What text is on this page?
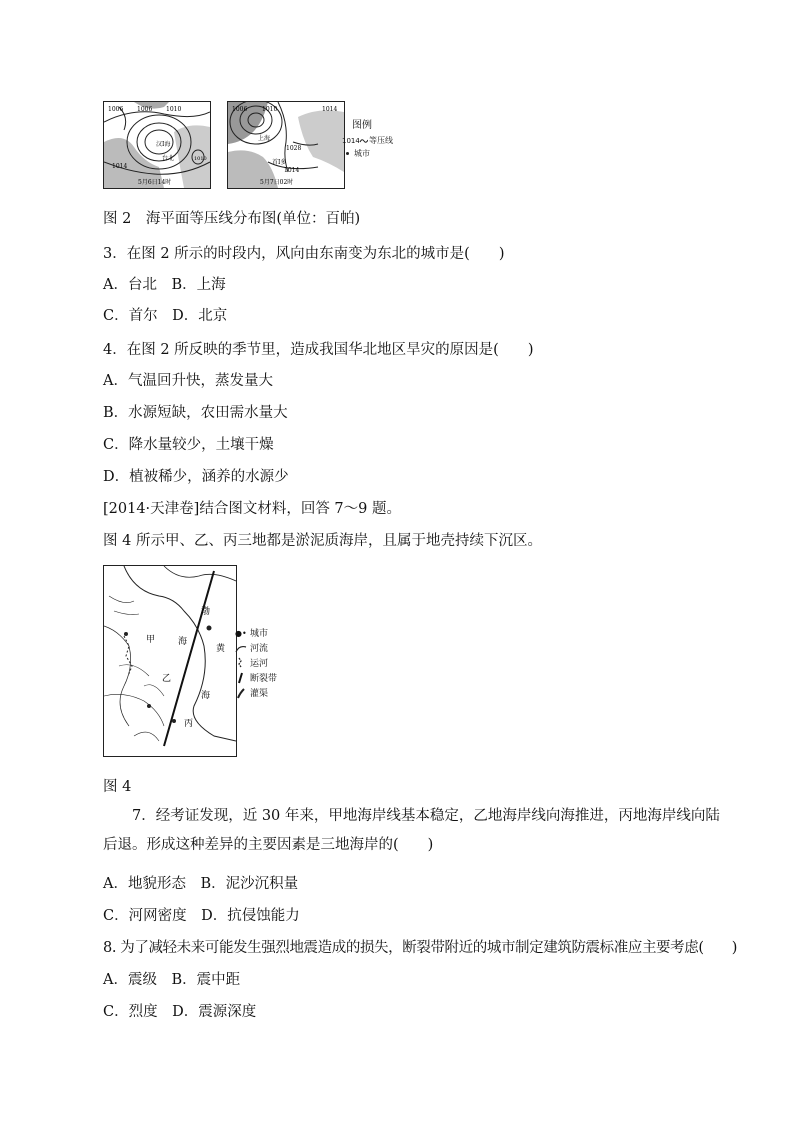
1006 1006 1010
1010
1014
汉I海
台北
5月6日14时
1006 1010	1014
1014
1028
上海
首I多
5月7日02时
图例
1014 等压线
城市
图 2　海平面等压线分布图(单位：百帕)
3．在图 2 所示的时段内，风向由东南变为东北的城市是(　　)
A．台北　B．上海
C．首尔　D．北京
4．在图 2 所反映的季节里，造成我国华北地区旱灾的原因是(　　)
A．气温回升快，蒸发量大
B．水源短缺，农田需水量大
C．降水量较少，土壤干燥
D．植被稀少，涵养的水源少
[2014·天津卷]结合图文材料，回答 7～9 题。
图 4 所示甲、乙、丙三地都是淤泥质海岸，且属于地壳持续下沉区。
渤
海
黄
海
甲
乙
丙
●• 城市
河流
运河
断裂带
灌渠
图 4
7．经考证发现，近 30 年来，甲地海岸线基本稳定，乙地海岸线向海推进，丙地海岸线向陆后退。形成这种差异的主要因素是三地海岸的(　　)
A．地貌形态　B．泥沙沉积量
C．河网密度　D．抗侵蚀能力
8. 为了减轻未来可能发生强烈地震造成的损失，断裂带附近的城市制定建筑防震标准应主要考虑(　　)
A．震级　B．震中距
C．烈度　D．震源深度
